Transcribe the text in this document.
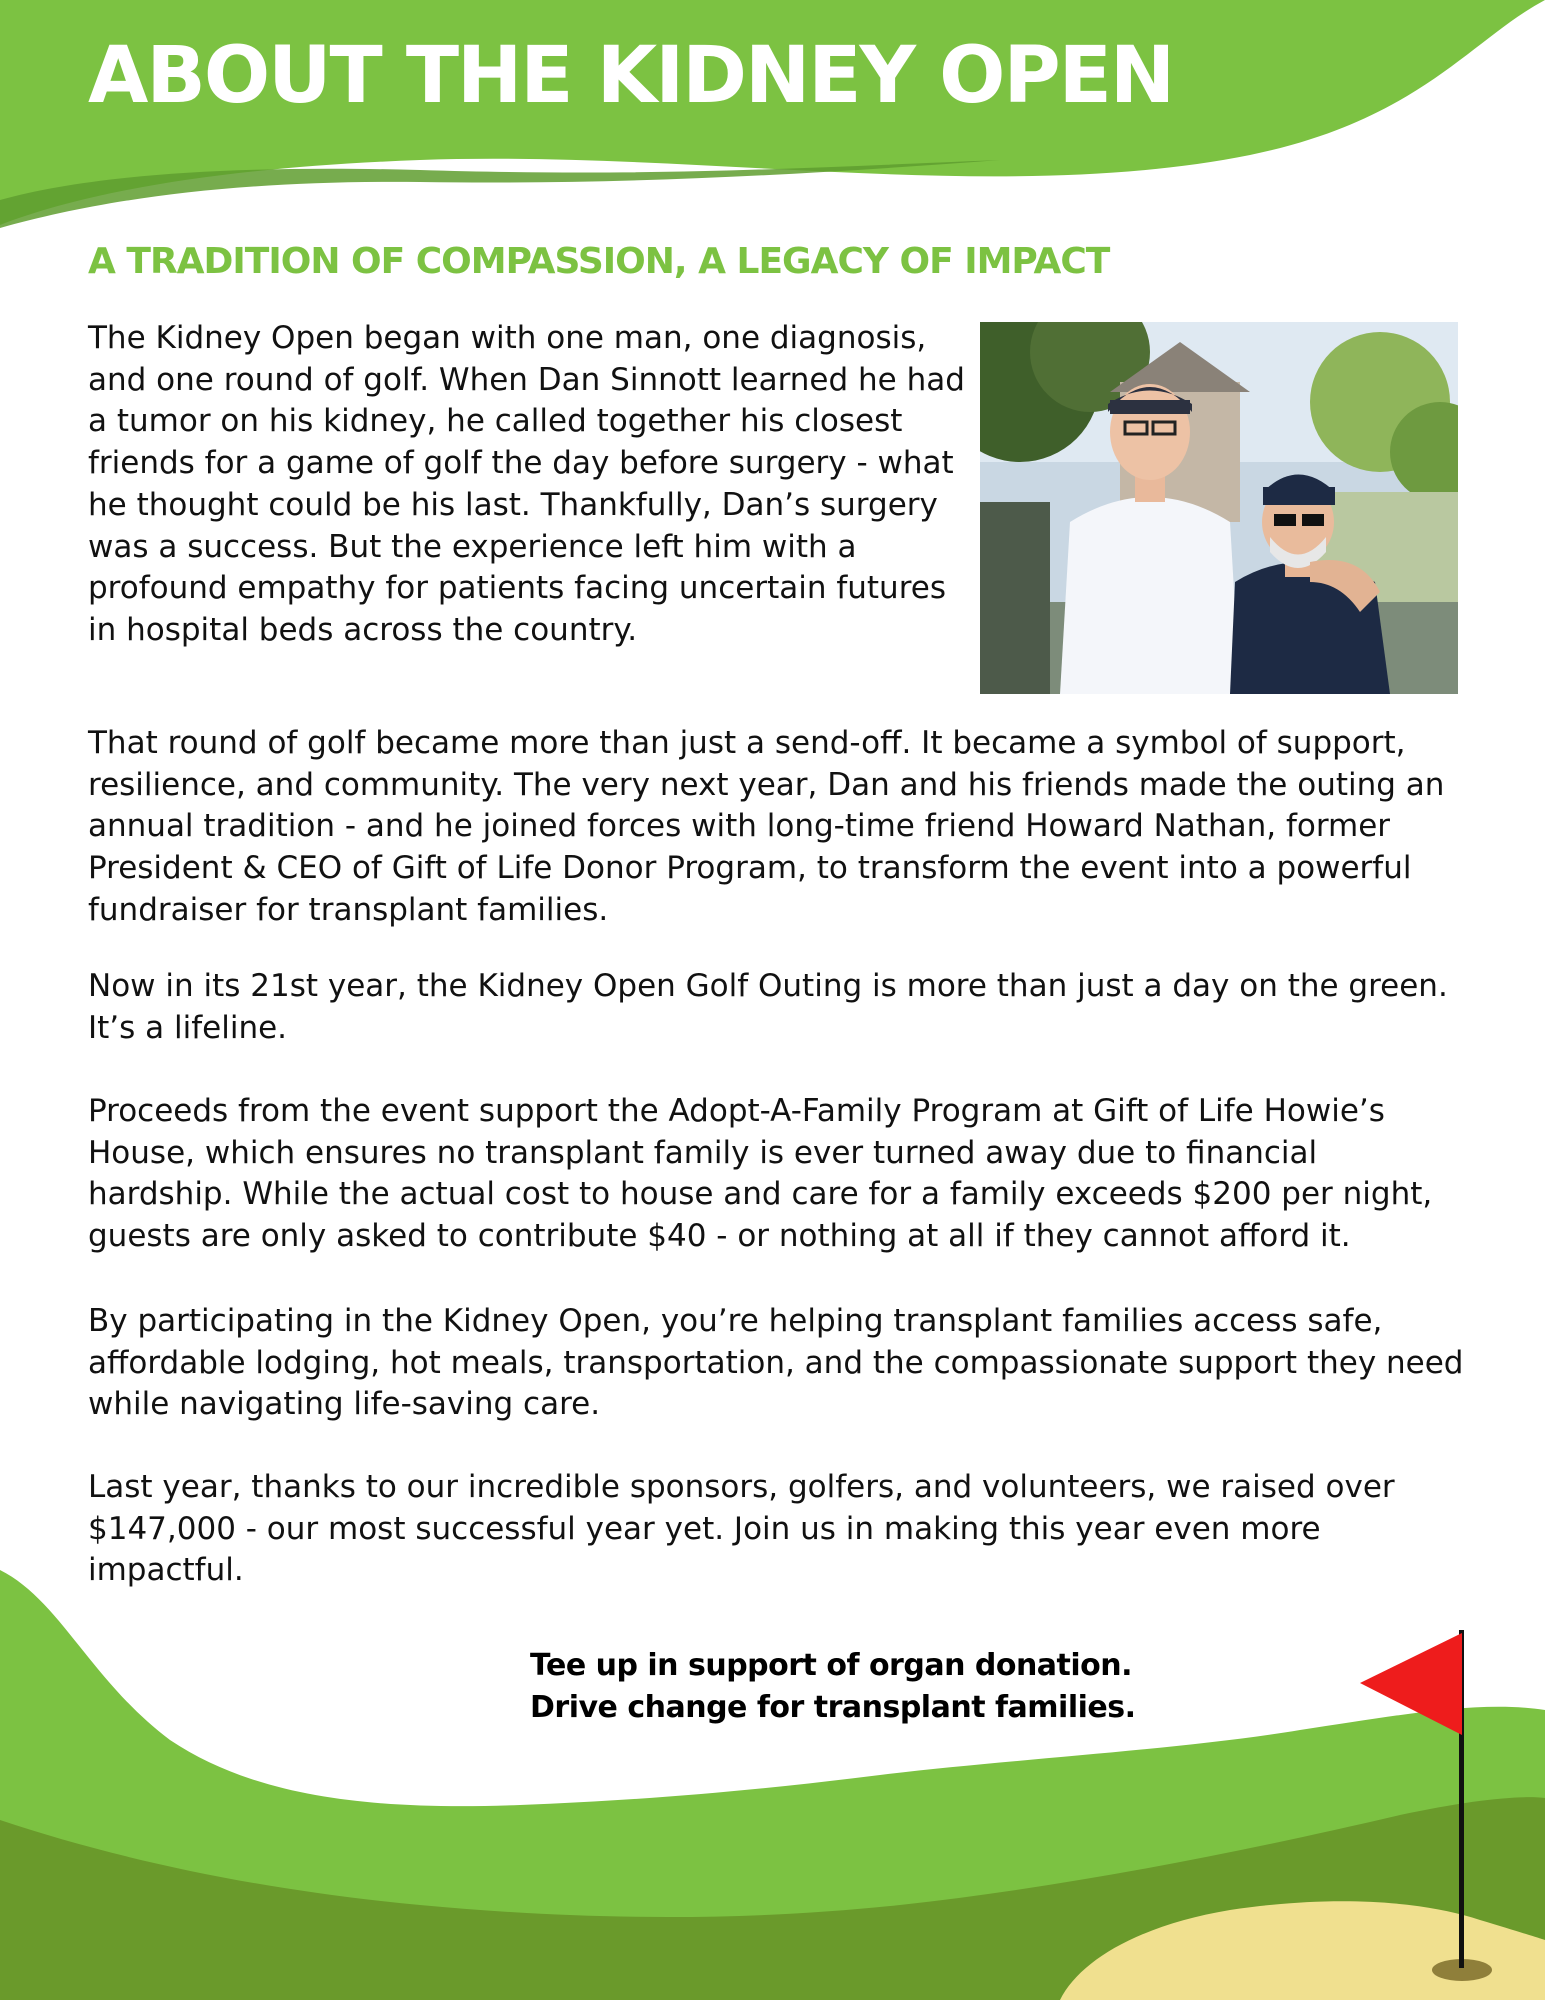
ABOUT THE KIDNEY OPEN
A TRADITION OF COMPASSION, A LEGACY OF IMPACT

The Kidney Open began with one man, one diagnosis, and one round of golf. When Dan Sinnott learned he had a tumor on his kidney, he called together his closest friends for a game of golf the day before surgery - what he thought could be his last. Thankfully, Dan’s surgery was a success. But the experience left him with a profound empathy for patients facing uncertain futures in hospital beds across the country.

That round of golf became more than just a send-off. It became a symbol of support, resilience, and community. The very next year, Dan and his friends made the outing an annual tradition - and he joined forces with long-time friend Howard Nathan, former President & CEO of Gift of Life Donor Program, to transform the event into a powerful fundraiser for transplant families.

Now in its 21st year, the Kidney Open Golf Outing is more than just a day on the green. It’s a lifeline.

Proceeds from the event support the Adopt-A-Family Program at Gift of Life Howie’s House, which ensures no transplant family is ever turned away due to financial hardship. While the actual cost to house and care for a family exceeds $200 per night, guests are only asked to contribute $40 - or nothing at all if they cannot afford it.

By participating in the Kidney Open, you’re helping transplant families access safe, affordable lodging, hot meals, transportation, and the compassionate support they need while navigating life-saving care.

Last year, thanks to our incredible sponsors, golfers, and volunteers, we raised over $147,000 - our most successful year yet. Join us in making this year even more impactful.

Tee up in support of organ donation.
Drive change for transplant families.
